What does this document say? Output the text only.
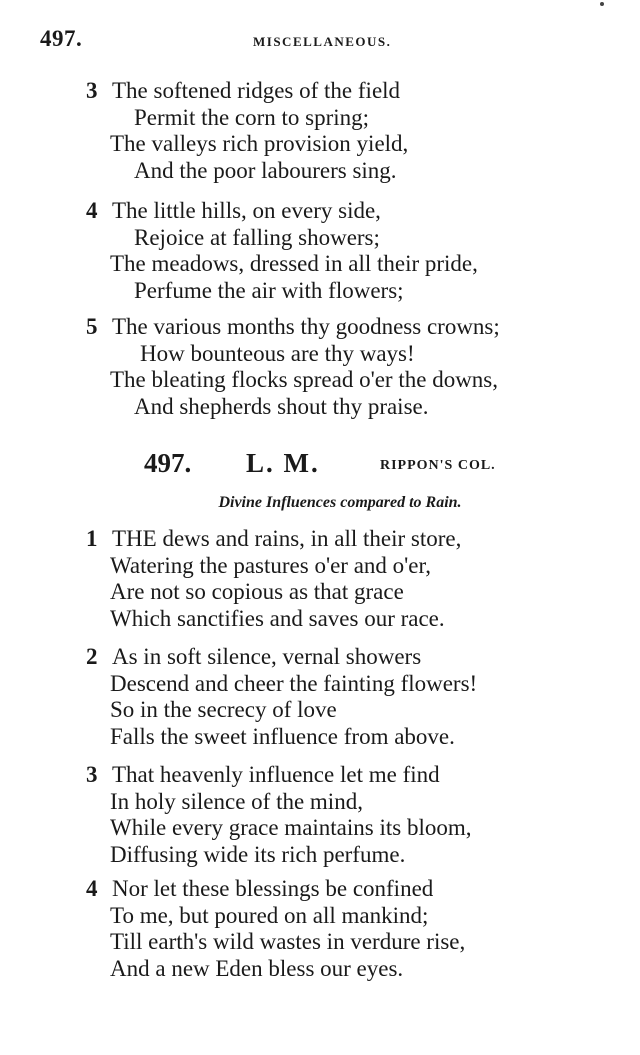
497.	MISCELLANEOUS.
3 The softened ridges of the field
Permit the corn to spring;
The valleys rich provision yield,
And the poor labourers sing.
4 The little hills, on every side,
Rejoice at falling showers;
The meadows, dressed in all their pride,
Perfume the air with flowers;
5 The various months thy goodness crowns;
How bounteous are thy ways!
The bleating flocks spread o'er the downs,
And shepherds shout thy praise.
497. L. M.	RIPPON'S COL.
Divine Influences compared to Rain.
1 THE dews and rains, in all their store,
Watering the pastures o'er and o'er,
Are not so copious as that grace
Which sanctifies and saves our race.
2 As in soft silence, vernal showers
Descend and cheer the fainting flowers!
So in the secrecy of love
Falls the sweet influence from above.
3 That heavenly influence let me find
In holy silence of the mind,
While every grace maintains its bloom,
Diffusing wide its rich perfume.
4 Nor let these blessings be confined
To me, but poured on all mankind;
Till earth's wild wastes in verdure rise,
And a new Eden bless our eyes.
